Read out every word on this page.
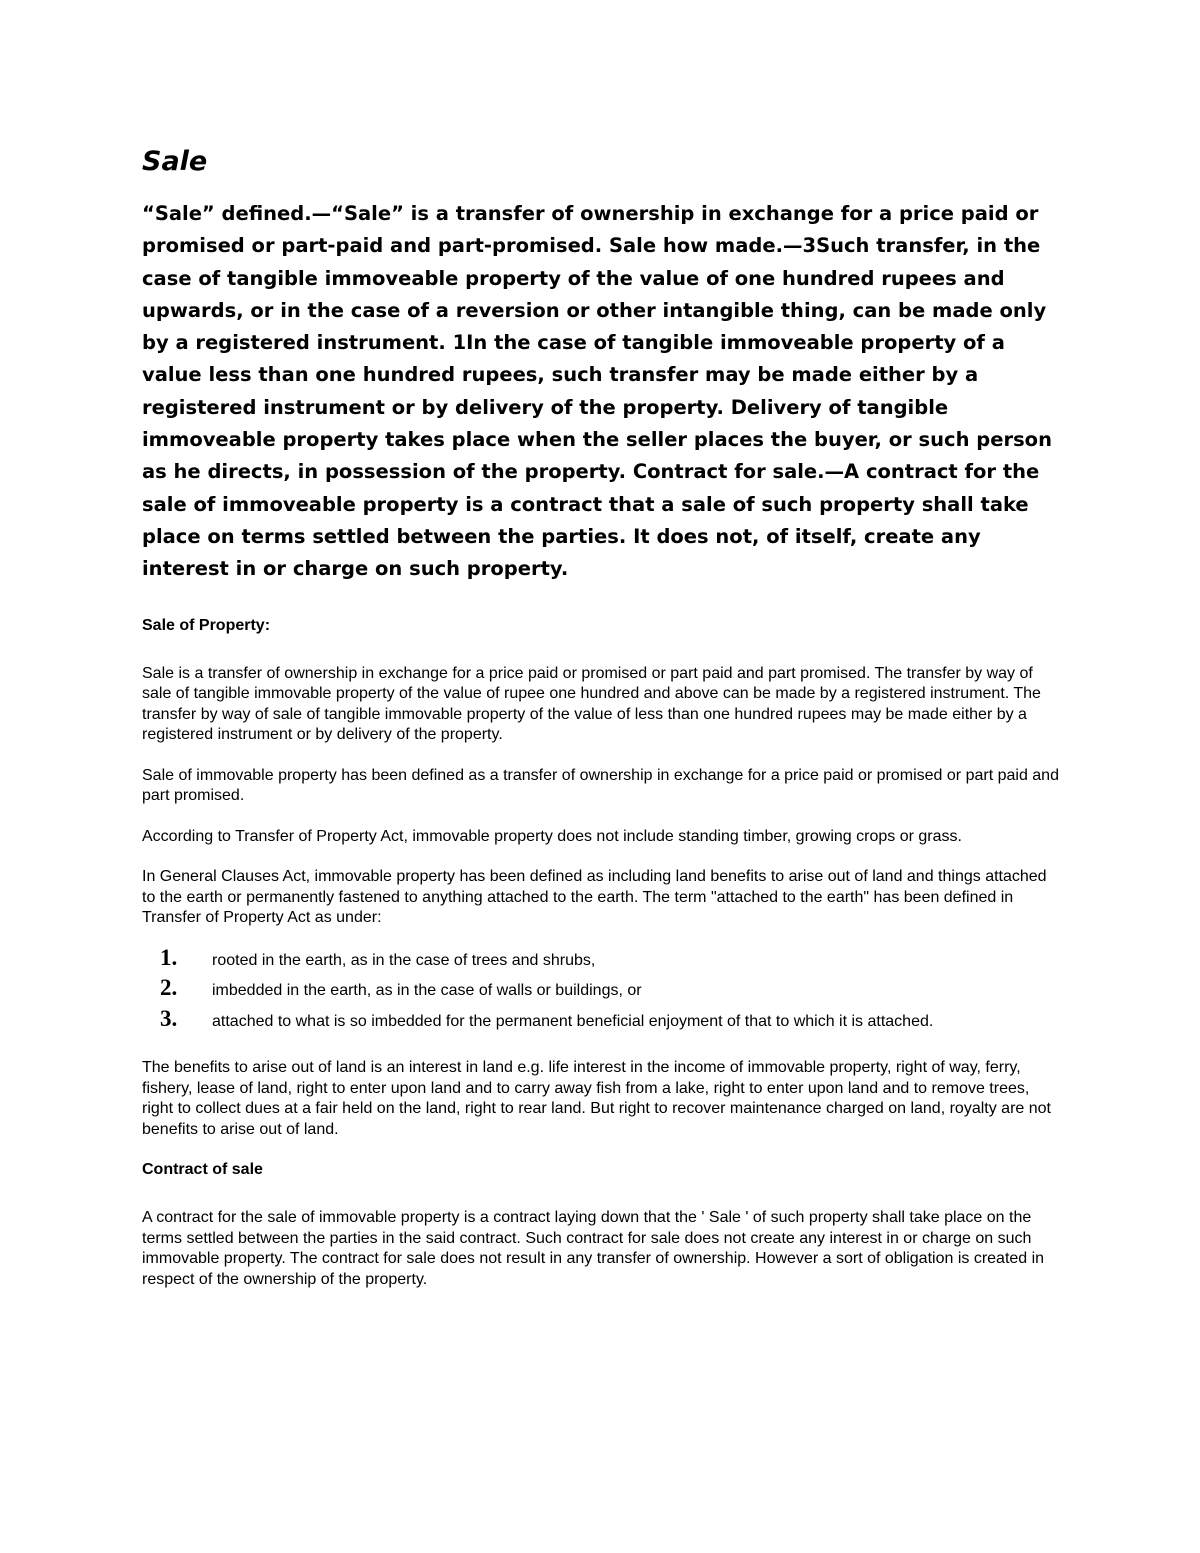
Sale

“Sale” defined.—“Sale” is a transfer of ownership in exchange for a price paid or promised or part-paid and part-promised. Sale how made.—3Such transfer, in the case of tangible immoveable property of the value of one hundred rupees and upwards, or in the case of a reversion or other intangible thing, can be made only by a registered instrument. 1In the case of tangible immoveable property of a value less than one hundred rupees, such transfer may be made either by a registered instrument or by delivery of the property. Delivery of tangible immoveable property takes place when the seller places the buyer, or such person as he directs, in possession of the property. Contract for sale.—A contract for the sale of immoveable property is a contract that a sale of such property shall take place on terms settled between the parties. It does not, of itself, create any interest in or charge on such property.

Sale of Property:

Sale is a transfer of ownership in exchange for a price paid or promised or part paid and part promised. The transfer by way of sale of tangible immovable property of the value of rupee one hundred and above can be made by a registered instrument. The transfer by way of sale of tangible immovable property of the value of less than one hundred rupees may be made either by a registered instrument or by delivery of the property.

Sale of immovable property has been defined as a transfer of ownership in exchange for a price paid or promised or part paid and part promised.

According to Transfer of Property Act, immovable property does not include standing timber, growing crops or grass.

In General Clauses Act, immovable property has been defined as including land benefits to arise out of land and things attached to the earth or permanently fastened to anything attached to the earth. The term "attached to the earth" has been defined in Transfer of Property Act as under:

1.	rooted in the earth, as in the case of trees and shrubs,
2.	imbedded in the earth, as in the case of walls or buildings, or
3.	attached to what is so imbedded for the permanent beneficial enjoyment of that to which it is attached.

The benefits to arise out of land is an interest in land e.g. life interest in the income of immovable property, right of way, ferry, fishery, lease of land, right to enter upon land and to carry away fish from a lake, right to enter upon land and to remove trees, right to collect dues at a fair held on the land, right to rear land. But right to recover maintenance charged on land, royalty are not benefits to arise out of land.

Contract of sale

A contract for the sale of immovable property is a contract laying down that the ' Sale ' of such property shall take place on the terms settled between the parties in the said contract. Such contract for sale does not create any interest in or charge on such immovable property. The contract for sale does not result in any transfer of ownership. However a sort of obligation is created in respect of the ownership of the property.
